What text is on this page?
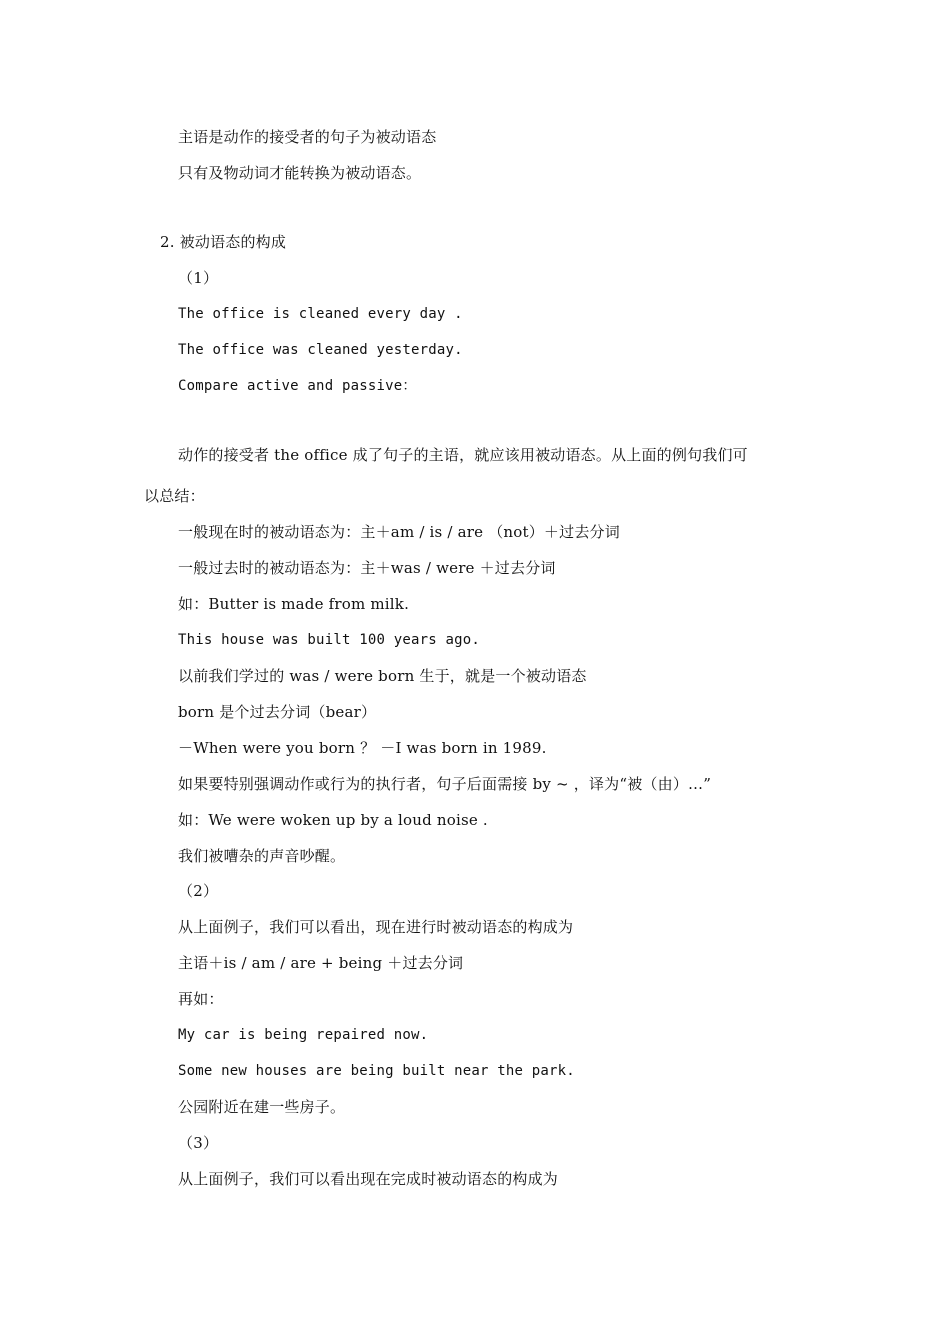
主语是动作的接受者的句子为被动语态
只有及物动词才能转换为被动语态。
2. 被动语态的构成
（1）
The office is cleaned every day .
The office was cleaned yesterday.
Compare active and passive：
动作的接受者 the office 成了句子的主语，就应该用被动语态。从上面的例句我们可
以总结：
一般现在时的被动语态为：主＋am / is / are （not）＋过去分词
一般过去时的被动语态为：主＋was / were ＋过去分词
如：Butter is made from milk.
This house was built 100 years ago.
以前我们学过的 was / were born 生于，就是一个被动语态
born 是个过去分词（bear）
－When were you born ？ －I was born in 1989.
如果要特别强调动作或行为的执行者，句子后面需接 by ~ ，译为“被（由）…”
如：We were woken up by a loud noise .
我们被嘈杂的声音吵醒。
（2）
从上面例子，我们可以看出，现在进行时被动语态的构成为
主语＋is / am / are + being ＋过去分词
再如：
My car is being repaired now.
Some new houses are being built near the park.
公园附近在建一些房子。
（3）
从上面例子，我们可以看出现在完成时被动语态的构成为
